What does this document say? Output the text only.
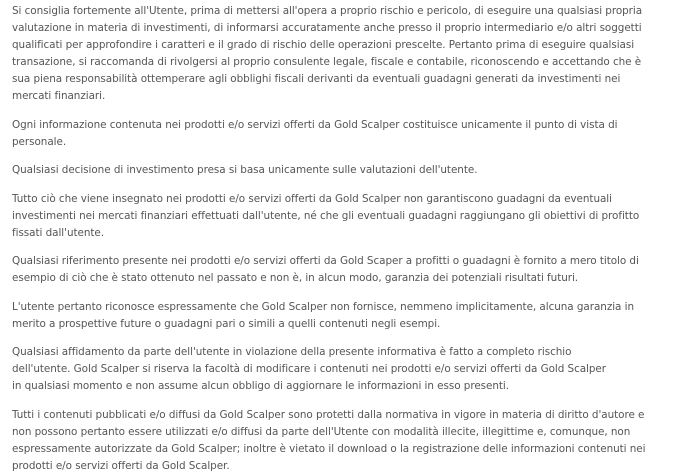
Si consiglia fortemente all'Utente, prima di mettersi all'opera a proprio rischio e pericolo, di eseguire una qualsiasi propria
valutazione in materia di investimenti, di informarsi accuratamente anche presso il proprio intermediario e/o altri soggetti
qualificati per approfondire i caratteri e il grado di rischio delle operazioni prescelte. Pertanto prima di eseguire qualsiasi
transazione, si raccomanda di rivolgersi al proprio consulente legale, fiscale e contabile, riconoscendo e accettando che è
sua piena responsabilità ottemperare agli obblighi fiscali derivanti da eventuali guadagni generati da investimenti nei
mercati finanziari.

Ogni informazione contenuta nei prodotti e/o servizi offerti da Gold Scalper costituisce unicamente il punto di vista di
personale.

Qualsiasi decisione di investimento presa si basa unicamente sulle valutazioni dell'utente.

Tutto ciò che viene insegnato nei prodotti e/o servizi offerti da Gold Scalper non garantiscono guadagni da eventuali
investimenti nei mercati finanziari effettuati dall'utente, né che gli eventuali guadagni raggiungano gli obiettivi di profitto
fissati dall'utente.

Qualsiasi riferimento presente nei prodotti e/o servizi offerti da Gold Scaper a profitti o guadagni è fornito a mero titolo di
esempio di ciò che è stato ottenuto nel passato e non è, in alcun modo, garanzia dei potenziali risultati futuri.

L'utente pertanto riconosce espressamente che Gold Scalper non fornisce, nemmeno implicitamente, alcuna garanzia in
merito a prospettive future o guadagni pari o simili a quelli contenuti negli esempi.

Qualsiasi affidamento da parte dell'utente in violazione della presente informativa è fatto a completo rischio
dell'utente. Gold Scalper si riserva la facoltà di modificare i contenuti nei prodotti e/o servizi offerti da Gold Scalper
in qualsiasi momento e non assume alcun obbligo di aggiornare le informazioni in esso presenti.

Tutti i contenuti pubblicati e/o diffusi da Gold Scalper sono protetti dalla normativa in vigore in materia di diritto d'autore e
non possono pertanto essere utilizzati e/o diffusi da parte dell'Utente con modalità illecite, illegittime e, comunque, non
espressamente autorizzate da Gold Scalper; inoltre è vietato il download o la registrazione delle informazioni contenuti nei
prodotti e/o servizi offerti da Gold Scalper.
